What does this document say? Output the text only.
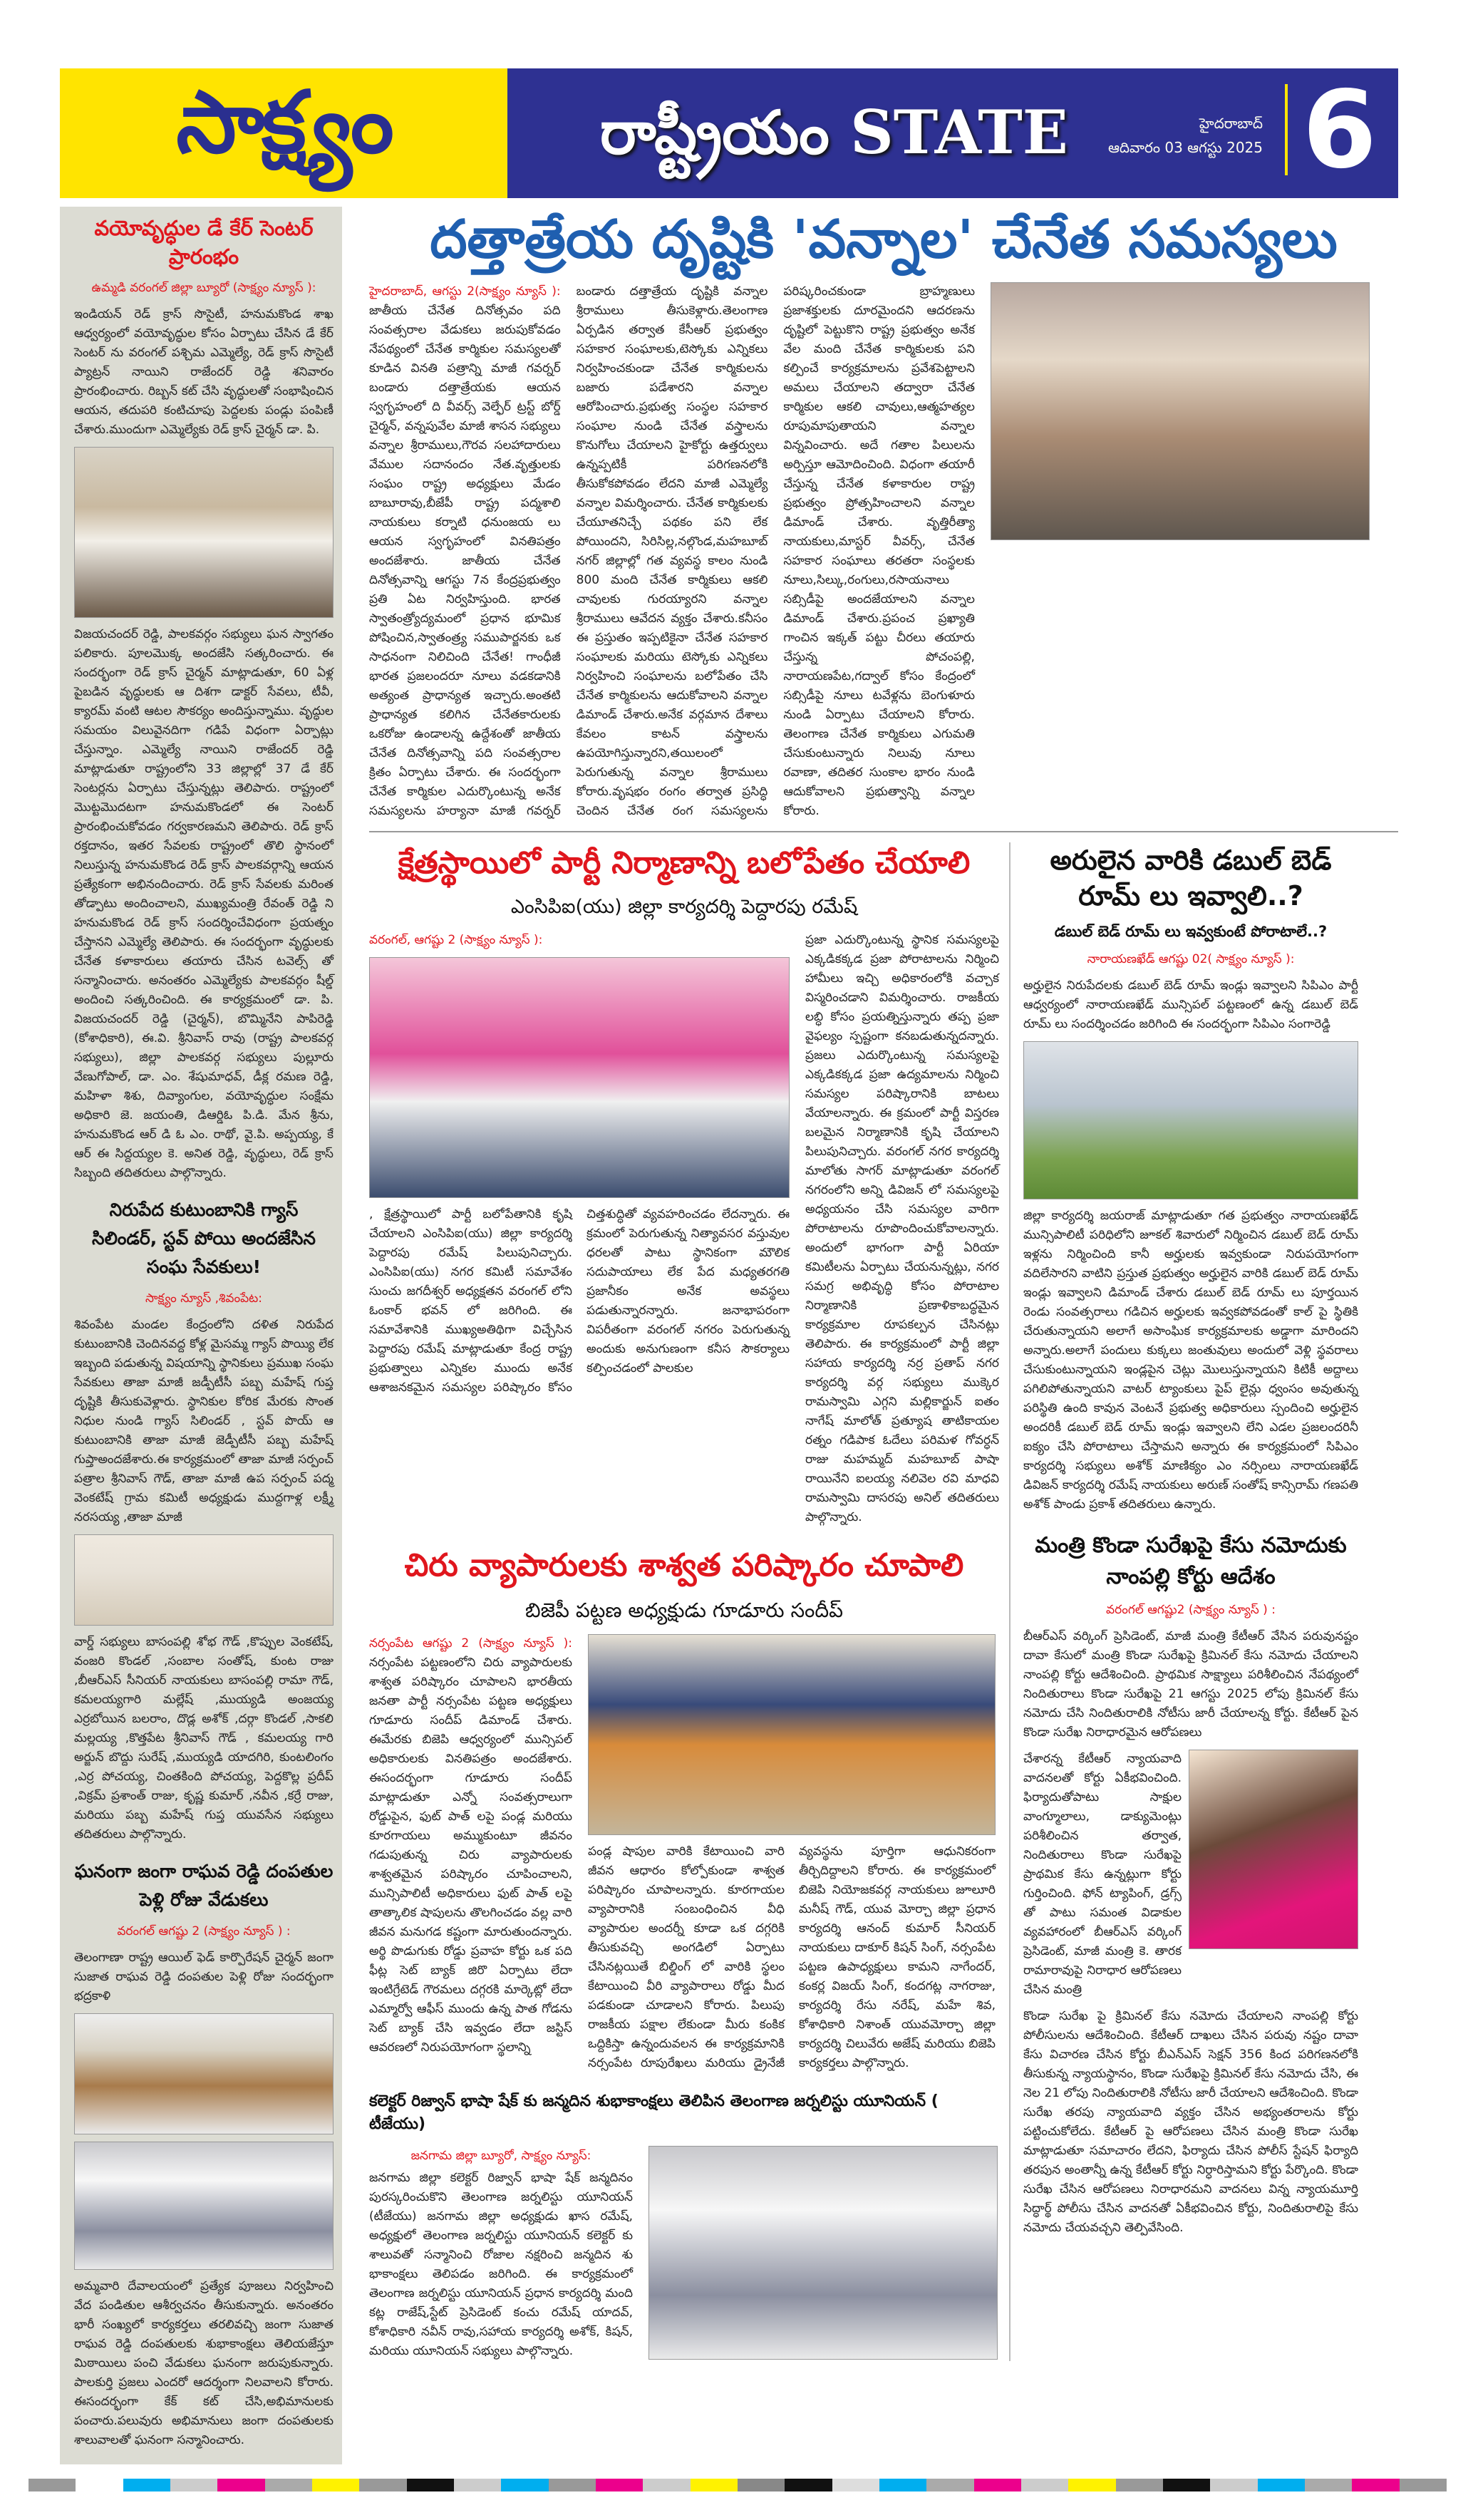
సాక్ష్యం	రాష్ట్రీయం STATE	హైదరాబాద్
ఆదివారం 03 ఆగస్టు 2025 6
వయోవృద్ధుల డే కేర్ సెంటర్ ప్రారంభం
ఉమ్మడి వరంగల్ జిల్లా బ్యూరో (సాక్ష్యం న్యూస్ ):
ఇండియన్ రెడ్ క్రాస్ సొసైటీ, హనుమకొండ శాఖ ఆధ్వర్యంలో వయోవృద్ధుల కోసం ఏర్పాటు చేసిన డే కేర్ సెంటర్ ను వరంగల్ పశ్చిమ ఎమ్మెల్యే, రెడ్ క్రాస్ సొసైటీ ప్యాట్రన్ నాయిని రాజేందర్ రెడ్డి శనివారం ప్రారంభించారు. రిబ్బన్ కట్ చేసి వృద్ధులతో సంభాషించిన ఆయన, తదుపరి కంటిచూపు పెద్దలకు పండ్లు పంపిణీ చేశారు.ముందుగా ఎమ్మెల్యేకు రెడ్ క్రాస్ చైర్మన్ డా. పి.
విజయచందర్ రెడ్డి, పాలకవర్గం సభ్యులు ఘన స్వాగతం పలికారు. పూలమొక్క అందజేసి సత్కరించారు. ఈ సందర్భంగా రెడ్ క్రాస్ చైర్మన్ మాట్లాడుతూ, 60 ఏళ్ల పైబడిన వృద్ధులకు ఆ దిశగా డాక్టర్ సేవలు, టీవీ, క్యారమ్ వంటి ఆటల సౌకర్యం అందిస్తున్నాము. వృద్ధుల సమయం విలువైనదిగా గడిపే విధంగా ఏర్పాట్లు చేస్తున్నాం. ఎమ్మెల్యే నాయిని రాజేందర్ రెడ్డి మాట్లాడుతూ రాష్ట్రంలోని 33 జిల్లాల్లో 37 డే కేర్ సెంటర్లను ఏర్పాటు చేస్తున్నట్లు తెలిపారు. రాష్ట్రంలో మొట్టమొదటగా హనుమకొండలో ఈ సెంటర్ ప్రారంభించుకోవడం గర్వకారణమని తెలిపారు. రెడ్ క్రాస్ రక్తదానం, ఇతర సేవలకు రాష్ట్రంలో తొలి స్థానంలో నిలుస్తున్న హనుమకొండ రెడ్ క్రాస్ పాలకవర్గాన్ని ఆయన ప్రత్యేకంగా అభినందించారు. రెడ్ క్రాస్ సేవలకు మరింత తోడ్పాటు అందించాలని, ముఖ్యమంత్రి రేవంత్ రెడ్డి ని హనుమకొండ రెడ్ క్రాస్ సందర్శించేవిధంగా ప్రయత్నం చేస్తానని ఎమ్మెల్యే తెలిపారు. ఈ సందర్భంగా వృద్ధులకు చేనేత కళాకారులు తయారు చేసిన టవెల్స్ తో సన్మానించారు. అనంతరం ఎమ్మెల్యేకు పాలకవర్గం షీల్డ్ అందించి సత్కరించింది. ఈ కార్యక్రమంలో డా. పి. విజయచందర్ రెడ్డి (చైర్మన్), బొమ్మినేని పాపిరెడ్డి (కోశాధికారి), ఈ.వి. శ్రీనివాస్ రావు (రాష్ట్ర పాలకవర్గ సభ్యులు), జిల్లా పాలకవర్గ సభ్యులు పుల్లూరు వేణుగోపాల్, డా. ఎం. శేషుమాధవ్, డీక్ల రమణ రెడ్డి, మహిళా శిశు, దివ్యాంగుల, వయోవృద్ధుల సంక్షేమ అధికారి జె. జయంతి, డిఆర్డిఓ పి.డి. మేన శ్రీను, హనుమకొండ ఆర్ డి ఓ ఎం. రాథో, వై.పి. అప్పయ్య, కే ఆర్ ఈ సిద్దయ్యల కె. అనిత రెడ్డి, వృద్ధులు, రెడ్ క్రాస్ సిబ్బంది తదితరులు పాల్గొన్నారు.
నిరుపేద కుటుంబానికి గ్యాస్ సిలిండర్, స్టవ్ పోయి అందజేసిన సంఘ సేవకులు!
సాక్ష్యం న్యూస్ ,శివంపేట:
శివంపేట మండల కేంద్రంలోని దళిత నిరుపేద కుటుంబానికి చెందినవద్ద కోళ్ల మైసమ్మ గ్యాస్ పొయ్యి లేక ఇబ్బంది పడుతున్న విషయాన్ని స్థానికులు ప్రముఖ సంఘ సేవకులు తాజా మాజీ జడ్పీటీసీ పబ్బ మహేష్ గుప్త దృష్టికి తీసుకువెళ్లారు. స్థానికుల కోరిక మేరకు సొంత నిధుల నుండి గ్యాస్ సిలిండర్ , స్టవ్ పొయ్ ఆ కుటుంబానికి తాజా మాజీ జెడ్పీటీసీ పబ్బ మహేష్ గుప్తాఅందజేశారు.ఈ కార్యక్రమంలో తాజా మాజీ సర్పంచ్ పత్రాల శ్రీనివాస్ గౌడ్, తాజా మాజీ ఉప సర్పంచ్ పద్మ వెంకటేష్ గ్రామ కమిటీ అధ్యక్షుడు ముద్దగాళ్ల లక్ష్మీ నరసయ్య ,తాజా మాజీ
వార్డ్ సభ్యులు బాసంపల్లి శోభ గౌడ్ ,కొప్పుల వెంకటేష్, వంజరి కొండల్ ,సంబాల సంతోష్, కుంట రాజు ,బీఆర్ఎస్ సీనియర్ నాయకులు బాసంపల్లి రామా గౌడ్, కమలయ్యగారి మల్లేష్ ,ముయ్యడి అంజయ్య ఎర్రబోయిన బలరాం, దొడ్ల అశోక్ ,దర్గా కొండల్ ,సాకలి మల్లయ్య ,కొత్తపేట శ్రీనివాస్ గౌడ్ , కమలయ్య గారి అర్జున్ బొద్దు సురేష్ ,ముయ్యడి యాదగిరి, కుంటలింగం ,ఎర్ర పోచయ్య, చింతకింది పోచయ్య, పెద్దకొల్ల ప్రదీప్ ,విక్రమ్ ప్రశాంత్ రాజు, కృష్ణ కుమార్ ,నవీన ,కర్రే రాజు, మరియు పబ్బ మహేష్ గుప్త యువసేన సభ్యులు తదితరులు పాల్గొన్నారు.
ఘనంగా జంగా రాఘవ రెడ్డి దంపతుల పెళ్లి రోజు వేడుకలు
వరంగల్ ఆగష్టు 2 (సాక్ష్యం న్యూస్ ) :
తెలంగాణా రాష్ట్ర ఆయిల్ ఫెడ్ కార్పొరేషన్ చైర్మన్ జంగా సుజాత రాఘవ రెడ్డి దంపతుల పెళ్లి రోజు సందర్భంగా భద్రకాళి
అమ్మవారి దేవాలయంలో ప్రత్యేక పూజలు నిర్వహించి వేద పండితుల ఆశీర్వచనం తీసుకున్నారు. అనంతరం భారీ సంఖ్యలో కార్యకర్తలు తరలివచ్చి జంగా సుజాత రాఘవ రెడ్డి దంపతులకు శుభాకాంక్షలు తెలియజేస్తూ మిఠాయిలు పంచి వేడుకలు ఘనంగా జరుపుకున్నారు. పాలకుర్తి ప్రజలు ఎందరో ఆదర్శంగా నిలవాలని కోరారు. ఈసందర్భంగా కేక్ కట్ చేసి,అభిమానులకు పంచారు.పలువురు అభిమానులు జంగా దంపతులకు శాలువాలతో ఘనంగా సన్మానించారు.
దత్తాత్రేయ దృష్టికి 'వన్నాల' చేనేత సమస్యలు
హైదరాబాద్, ఆగస్టు 2(సాక్ష్యం న్యూస్ ): జాతీయ చేనేత దినోత్సవం పది సంవత్సరాల వేడుకలు జరుపుకోవడం నేపథ్యంలో చేనేత కార్మికుల సమస్యలతో కూడిన వినతి పత్రాన్ని మాజీ గవర్నర్ బండారు దత్తాత్రేయకు ఆయన స్వగృహంలో ది వీవర్స్ వెల్ఫేర్ ట్రస్ట్ బోర్డ్ చైర్మన్, వన్నపువేల మాజీ శాసన సభ్యులు వన్నాల శ్రీరాములు,గౌరవ సలహాదారులు వేముల సదానందం నేత.వృత్తులకు సంఘం రాష్ట్ర అధ్యక్షులు మేడం బాబూరావు,బీజేపీ రాష్ట్ర పద్మశాలి నాయకులు కర్నాటి ధనుంజయ లు ఆయన స్వగృహంలో వినతిపత్రం అందజేశారు. జాతీయ చేనేత దినోత్సవాన్ని ఆగస్టు 7న కేంద్రప్రభుత్వం ప్రతి ఏట నిర్వహిస్తుంది. భారత స్వాతంత్ర్యోద్యమంలో ప్రధాన భూమిక పోషించిన,స్వాతంత్ర్య సముపార్జనకు ఒక సాధనంగా నిలిచింది చేనేత! గాంధీజీ భారత ప్రజలందరూ నూలు వడకడానికి అత్యంత ప్రాధాన్యత ఇచ్చారు.అంతటి ప్రాధాన్యత కలిగిన చేనేతకారులకు ఒకరోజు ఉండాలన్న ఉద్దేశంతో జాతీయ చేనేత దినోత్సవాన్ని పది సంవత్సరాల క్రితం ఏర్పాటు చేశారు. ఈ సందర్భంగా చేనేత కార్మికుల ఎదుర్కొంటున్న అనేక సమస్యలను హర్యానా మాజీ గవర్నర్ బండారు దత్తాత్రేయ దృష్టికి వన్నాల శ్రీరాములు తీసుకెళ్లారు.తెలంగాణ ఏర్పడిన తర్వాత కేసీఆర్ ప్రభుత్వం సహకార సంఘాలకు,టెస్కోకు ఎన్నికలు నిర్వహించకుండా చేనేత కార్మికులను బజారు పడేశారని వన్నాల ఆరోపించారు.ప్రభుత్వ సంస్థల సహకార సంఘాల నుండి చేనేత వస్త్రాలను కొనుగోలు చేయాలని హైకోర్టు ఉత్తర్వులు ఉన్నప్పటికీ పరిగణనలోకి తీసుకోకపోవడం లేదని మాజీ ఎమ్మెల్యే వన్నాల విమర్శించారు. చేనేత కార్మికులకు చేయూతనిచ్చే పథకం పని లేక పోయిందని, సిరిసిల్ల,నల్గొండ,మహబూబ్ నగర్ జిల్లాల్లో గత వ్యవస్థ కాలం నుండి 800 మంది చేనేత కార్మికులు ఆకలి చావులకు గురయ్యారని వన్నాల శ్రీరాములు ఆవేదన వ్యక్తం చేశారు.కనీసం ఈ ప్రస్తుతం ఇప్పటికైనా చేనేత సహకార సంఘాలకు మరియు టెస్కోకు ఎన్నికలు నిర్వహించి సంఘాలను బలోపేతం చేసి చేనేత కార్మికులను ఆదుకోవాలని వన్నాల డిమాండ్ చేశారు.అనేక వర్గమాన దేశాలు కేవలం కాటన్ వస్త్రాలను ఉపయోగిస్తున్నారని,తయిలంలో పెరుగుతున్న వన్నాల శ్రీరాములు కోరారు.వృషభం రంగం తర్వాత ప్రసిద్ధి చెందిన చేనేత రంగ సమస్యలను పరిష్కరించకుండా బ్రాహ్మణులు ప్రజాశక్తులకు దూరమైందని ఆదరణను దృష్టిలో పెట్టుకొని రాష్ట్ర ప్రభుత్వం అనేక వేల మంది చేనేత కార్మికులకు పని కల్పించే కార్యక్రమాలను ప్రవేశపెట్టాలని అమలు చేయాలని తద్వారా చేనేత కార్మికుల ఆకలి చావులు,ఆత్మహత్యల రూపుమాపుతాయని వన్నాల విన్నవించారు. అదే గతాల పిలులను అర్పిస్తూ ఆమోదించింది. విధంగా తయారీ చేస్తున్న చేనేత కళాకారుల రాష్ట్ర ప్రభుత్వం ప్రోత్సహించాలని వన్నాల డిమాండ్ చేశారు. వృత్తిరీత్యా నాయకులు,మాస్టర్ వీవర్స్, చేనేత సహకార సంఘాలు తరతరా సంస్థలకు నూలు,సిల్కు,రంగులు,రసాయనాలు సబ్సిడీపై అందజేయాలని వన్నాల డిమాండ్ చేశారు.ప్రపంచ ప్రఖ్యాతి గాంచిన ఇక్కత్ పట్టు చీరలు తయారు చేస్తున్న పోచంపల్లి, నారాయణపేట,గద్వాల్ కోసం కేంద్రంలో సబ్సిడీపై నూలు టవేళ్లను బెంగుళూరు నుండి ఏర్పాటు చేయాలని కోరారు. తెలంగాణ చేనేత కార్మికులు ఎగుమతి చేసుకుంటున్నారు నిలువు నూలు రవాణా, తదితర సుంకాల భారం నుండి ఆదుకోవాలని ప్రభుత్వాన్ని వన్నాల కోరారు.
క్షేత్రస్థాయిలో పార్టీ నిర్మాణాన్ని బలోపేతం చేయాలి
ఎంసిపిఐ(యు) జిల్లా కార్యదర్శి పెద్దారపు రమేష్
వరంగల్, ఆగష్టు 2 (సాక్ష్యం న్యూస్ ):
, క్షేత్రస్థాయిలో పార్టీ బలోపేతానికి కృషి చేయాలని ఎంసిపిఐ(యు) జిల్లా కార్యదర్శి పెద్దారపు రమేష్ పిలుపునిచ్చారు. ఎంసిపిఐ(యు) నగర కమిటీ సమావేశం సుంచు జగదీశ్వర్ అధ్యక్షతన వరంగల్ లోని ఓంకార్ భవన్ లో జరిగింది. ఈ సమావేశానికి ముఖ్యఅతిథిగా విచ్చేసిన పెద్దారపు రమేష్ మాట్లాడుతూ కేంద్ర రాష్ట్ర ప్రభుత్వాలు ఎన్నికల ముందు అనేక ఆశాజనకమైన సమస్యల పరిష్కారం కోసం చిత్తశుద్ధితో వ్యవహరించడం లేదన్నారు. ఈ క్రమంలో పెరుగుతున్న నిత్యావసర వస్తువుల ధరలతో పాటు స్థానికంగా మౌలిక సదుపాయాలు లేక పేద మధ్యతరగతి ప్రజానీకం అనేక అవస్థలు పడుతున్నారన్నారు. జనాభాపరంగా విపరీతంగా వరంగల్ నగరం పెరుగుతున్న అందుకు అనుగుణంగా కనీస సౌకర్యాలు కల్పించడంలో పాలకుల
ప్రజా ఎదుర్కొంటున్న స్థానిక సమస్యలపై ఎక్కడికక్కడ ప్రజా పోరాటాలను నిర్మించి హామీలు ఇచ్చి అధికారంలోకి వచ్చాక విస్మరించడాని విమర్శించారు. రాజకీయ లబ్ధి కోసం ప్రయత్నిస్తున్నారు తప్ప ప్రజా వైఫల్యం స్పష్టంగా కనబడుతున్నదన్నారు. ప్రజలు ఎదుర్కొంటున్న సమస్యలపై ఎక్కడికక్కడ ప్రజా ఉద్యమాలను నిర్మించి సమస్యల పరిష్కారానికి బాటలు వేయాలన్నారు. ఈ క్రమంలో పార్టీ విస్తరణ బలమైన నిర్మాణానికి కృషి చేయాలని పిలుపునిచ్చారు. వరంగల్ నగర కార్యదర్శి మాలోతు సాగర్ మాట్లాడుతూ వరంగల్ నగరంలోని అన్ని డివిజన్ లో సమస్యలపై అధ్యయనం చేసి సమస్యల వారిగా పోరాటాలను రూపొందించుకోవాలన్నారు. అందులో భాగంగా పార్టీ ఏరియా కమిటీలను ఏర్పాటు చేయనున్నట్లు, నగర సమగ్ర అభివృద్ధి కోసం పోరాటాల నిర్మాణానికి ప్రణాళికాబద్ధమైన కార్యక్రమాల రూపకల్పన చేసినట్లు తెలిపారు. ఈ కార్యక్రమంలో పార్టీ జిల్లా సహాయ కార్యదర్శి నర్ర ప్రతాప్ నగర కార్యదర్శి వర్గ సభ్యులు ముక్కెర రామస్వామి ఎగ్గని మల్లికార్జున్ ఐతం నాగేష్ మాలోత్ ప్రత్యూష తాటికాయల రత్నం గడిపాక ఓదేలు పరిమళ గోవర్ధన్ రాజు మహమ్మద్ మహబూబ్ పాషా రాయినేని ఐలయ్య నలివెల రవి మాధవి రామస్వామి దాసరపు అనిల్ తదితరులు పాల్గొన్నారు.
చిరు వ్యాపారులకు శాశ్వత పరిష్కారం చూపాలి
బిజెపీ పట్టణ అధ్యక్షుడు గూడూరు సందీప్
నర్సంపేట ఆగష్టు 2 (సాక్ష్యం న్యూస్ ): నర్సంపేట పట్టణంలోని చిరు వ్యాపారులకు శాశ్వత పరిష్కారం చూపాలని భారతీయ జనతా పార్టీ నర్సంపేట పట్టణ అధ్యక్షులు గూడూరు సందీప్ డిమాండ్ చేశారు. ఈమేరకు బిజెపి ఆధ్వర్యంలో మున్సిపల్ అధికారులకు వినతిపత్రం అందజేశారు. ఈసందర్భంగా గూడూరు సందీప్ మాట్లాడుతూ ఎన్నో సంవత్సరాలుగా రోడ్డుపైన, ఫుట్ పాత్ లపై పండ్ల మరియు కూరగాయలు అమ్ముకుంటూ జీవనం గడుపుతున్న చిరు వ్యాపారులకు శాశ్వతమైన పరిష్కారం చూపించాలని, మున్సిపాలిటీ అధికారులు ఫుట్ పాత్ లపై తాత్కాలిక షాపులను తొలగించడం వల్ల వారి జీవన మనుగడ కష్టంగా మారుతుందన్నారు. అర్థి పొడుగుకు రోడ్డు ప్రవాహ కోర్టు ఒక పది ఫీట్ల సెట్ బ్యాక్ జిరొ ఏర్పాటు లేదా ఇంటిగ్రేటెడ్ గౌరమలు దగ్గరకి మార్కెట్లో లేదా ఎమ్మార్వో ఆఫీస్ ముందు ఉన్న పాత గోడను సెట్ బ్యాక్ చేసి ఇవ్వడం లేదా జస్టిస్ ఆవరణలో నిరుపయోగంగా స్థలాన్ని
పండ్ల షాపుల వారికి కేటాయించి వారి జీవన ఆధారం కోల్పోకుండా శాశ్వత పరిష్కారం చూపాలన్నారు. కూరగాయల వ్యాపారానికి సంబంధించిన వీధి వ్యాపారుల అందర్నీ కూడా ఒక దగ్గరికి తీసుకువచ్చి అంగడిలో ఏర్పాటు చేసినట్లయితే బిల్డింగ్ లో వారికి స్థలం కేటాయించి వీరి వ్యాపారాలు రోడ్డు మీద పడకుండా చూడాలని కోరారు. పిలుపు రాజకీయ పక్షాల లేకుండా మీరు కంకిక ఒద్దికిస్తా ఉన్నందువలన ఈ కార్యక్రమానికి నర్సంపేట రూపురేఖలు మరియు డ్రైనేజీ వ్యవస్థను పూర్తిగా ఆధునికరంగా తీర్చిదిద్దాలని కోరారు. ఈ కార్యక్రమంలో బిజెపి నియోజకవర్గ నాయకులు జూలూరి మనీష్ గౌడ్, యువ మోర్చా జిల్లా ప్రధాన కార్యదర్శి ఆనంద్ కుమార్ సీనియర్ నాయకులు దాకూర్ కిషన్ సింగ్, నర్సంపేట పట్టణ ఉపాధ్యక్షులు కామని నాగేందర్, కంకర్ల విజయ్ సింగ్, కందగట్ల నాగరాజు, కార్యదర్శి రేసు నరేష్, మహే శివ, కోశాధికారి నిశాంత్ యువమోర్చా జిల్లా కార్యదర్శి చిలువేరు అజేష్ మరియు బిజెపి కార్యకర్తలు పాల్గొన్నారు.
కలెక్టర్ రిజ్వాన్ భాషా షేక్ కు జన్మదిన శుభాకాంక్షలు తెలిపిన తెలంగాణ జర్నలిస్టు యూనియన్ ( టీజేయు)
జనగామ జిల్లా బ్యూరో, సాక్ష్యం న్యూస్:
జనగామ జిల్లా కలెక్టర్ రిజ్వాన్ భాషా షేక్ జన్మదినం పురస్కరించుకొని తెలంగాణ జర్నలిస్టు యూనియన్ (టీజేయు) జనగామ జిల్లా అధ్యక్షుడు ఖాస రమేష్, అధ్యక్షులో తెలంగాణ జర్నలిస్టు యూనియన్ కలెక్టర్ కు శాలువతో సన్మానించి రోజాల నక్షరించి జన్మదిన శు భాకాంక్షలు తెలిపడం జరిగింది. ఈ కార్యక్రమంలో తెలంగాణ జర్నలిస్టు యూనియన్ ప్రధాన కార్యదర్శి మంది కట్ల రాజేష్,స్టేట్ ప్రెసిడెంట్ కంచు రమేష్ యాదవ్, కోశాధికారి నవీన్ రావు,సహాయ కార్యదర్శి అశోక్, కిషన్, మరియు యూనియన్ సభ్యులు పాల్గొన్నారు.
అరులైన వారికి డబుల్ బెడ్ రూమ్ లు ఇవ్వాలి..?
డబుల్ బెడ్ రూమ్ లు ఇవ్వకుంటే పోరాటాలే..?
నారాయణఖేడ్ ఆగష్టు 02( సాక్ష్యం న్యూస్ ):
అర్హులైన నిరుపేదలకు డబుల్ బెడ్ రూమ్ ఇండ్లు ఇవ్వాలని సిపిఎం పార్టీ ఆధ్వర్యంలో నారాయణఖేడ్ మున్సిపల్ పట్టణంలో ఉన్న డబుల్ బెడ్ రూమ్ లు సందర్శించడం జరిగింది ఈ సందర్భంగా సిపిఎం సంగారెడ్డి
జిల్లా కార్యదర్శి జయరాజ్ మాట్లాడుతూ గత ప్రభుత్వం నారాయణఖేడ్ మున్సిపాలిటీ పరిధిలోని జూకల్ శివారులో నిర్మించిన డబుల్ బెడ్ రూమ్ ఇళ్లను నిర్మించింది కానీ అర్హులకు ఇవ్వకుండా నిరుపయోగంగా వదిలేసారని వాటిని ప్రస్తుత ప్రభుత్వం అర్హులైన వారికి డబుల్ బెడ్ రూమ్ ఇండ్లు ఇవ్వాలని డిమాండ్ చేశారు డబుల్ బెడ్ రూమ్ లు పూర్తయిన రెండు సంవత్సరాలు గడిచిన అర్హులకు ఇవ్వకపోవడంతో కాల్ పై స్థితికి చేరుతున్నాయని అలాగే అసాంఘిక కార్యక్రమాలకు అడ్డాగా మారిందని అన్నారు.అలాగే పందులు కుక్కలు జంతువులు అందులో వెళ్లి స్థవరాలు చేసుకుంటున్నాయని ఇండ్లపైన చెట్లు మొలుస్తున్నాయని కిటికీ అద్దాలు పగిలిపోతున్నాయని వాటర్ ట్యాంకులు పైప్ లైన్లు ధ్వంసం అవుతున్న పరిస్థితి ఉంది కావున వెంటనే ప్రభుత్వ అధికారులు స్పందించి అర్హులైన అందరికీ డబుల్ బెడ్ రూమ్ ఇండ్లు ఇవ్వాలని లేని ఎడల ప్రజలందరినీ ఐక్యం చేసి పోరాటాలు చేస్తామని అన్నారు ఈ కార్యక్రమంలో సిపిఎం కార్యదర్శి సభ్యులు అశోక్ మాణిక్యం ఎం నర్సింలు నారాయణఖేడ్ డివిజన్ కార్యదర్శి రమేష్ నాయకులు అరుణ్ సంతోష్ కాన్సిరామ్ గణపతి అశోక్ పాండు ప్రకాశ్ తదితరులు ఉన్నారు.
మంత్రి కొండా సురేఖపై కేసు నమోదుకు నాంపల్లి కోర్టు ఆదేశం
వరంగల్ ఆగష్టు2 (సాక్ష్యం న్యూస్ ) :
బీఆర్ఎస్ వర్కింగ్ ప్రెసిడెంట్, మాజీ మంత్రి కేటీఆర్ వేసిన పరువునష్టం దావా కేసులో మంత్రి కొండా సురేఖపై క్రిమినల్ కేసు నమోదు చేయాలని నాంపల్లి కోర్టు ఆదేశించింది. ప్రాథమిక సాక్ష్యాలు పరిశీలించిన నేపథ్యంలో నిందితురాలు కొండా సురేఖపై 21 ఆగస్టు 2025 లోపు క్రిమినల్ కేసు నమోదు చేసి నిందితురాలికి నోటీసు జారీ చేయాలన్న కోర్టు. కేటీఆర్ పైన కొండా సురేఖ నిరాధారమైన ఆరోపణలు
చేశారన్న కేటీఆర్ న్యాయవాది వాదనలతో కోర్టు ఏకీభవించింది. ఫిర్యాదుతోపాటు సాక్షుల వాంగ్మూలాలు, డాక్యుమెంట్లు పరిశీలించిన తర్వాత, నిందితురాలు కొండా సురేఖపై ప్రాథమిక కేసు ఉన్నట్లుగా కోర్టు గుర్తించింది. ఫోన్ ట్యాపింగ్, డ్రగ్స్ తో పాటు సమంత విడాకుల వ్యవహారంలో బీఆర్ఎస్ వర్కింగ్ ప్రెసిడెంట్, మాజీ మంత్రి కె. తారక రామారావుపై నిరాధార ఆరోపణలు చేసిన మంత్రి
కొండా సురేఖ పై క్రిమినల్ కేసు నమోదు చేయాలని నాంపల్లి కోర్టు పోలీసులను ఆదేశించింది. కేటీఆర్ దాఖలు చేసిన పరువు నష్టం దావా కేసు విచారణ చేసిన కోర్టు బీఎన్ఎస్ సెక్షన్ 356 కింద పరిగణనలోకి తీసుకున్న న్యాయస్థానం, కొండా సురేఖపై క్రిమినల్ కేసు నమోదు చేసి, ఈ నెల 21 లోపు నిందితురాలికి నోటీసు జారీ చేయాలని ఆదేశించింది. కొండా సురేఖ తరపు న్యాయవాది వ్యక్తం చేసిన అభ్యంతరాలను కోర్టు పట్టించుకోలేదు. కేటీఆర్ పై ఆరోపణలు చేసిన మంత్రి కొండా సురేఖ మాట్లాడుతూ సమాచారం లేదని, ఫిర్యాదు చేసిన పోలీస్ స్టేషన్ ఫిర్యాది తరపున అంతాన్నీ ఉన్న కేటీఆర్ కోర్టు నిర్ధారిస్తామని కోర్టు పేర్కొంది. కొండా సురేఖ చేసిన ఆరోపణలు నిరాధారమని వాదనలు విన్న న్యాయమూర్తి సిద్ధార్థ్ పోలీసు చేసిన వాదనతో ఏకీభవించిన కోర్టు, నిందితురాలిపై కేసు నమోదు చేయవచ్చని తెల్పివేసింది.
